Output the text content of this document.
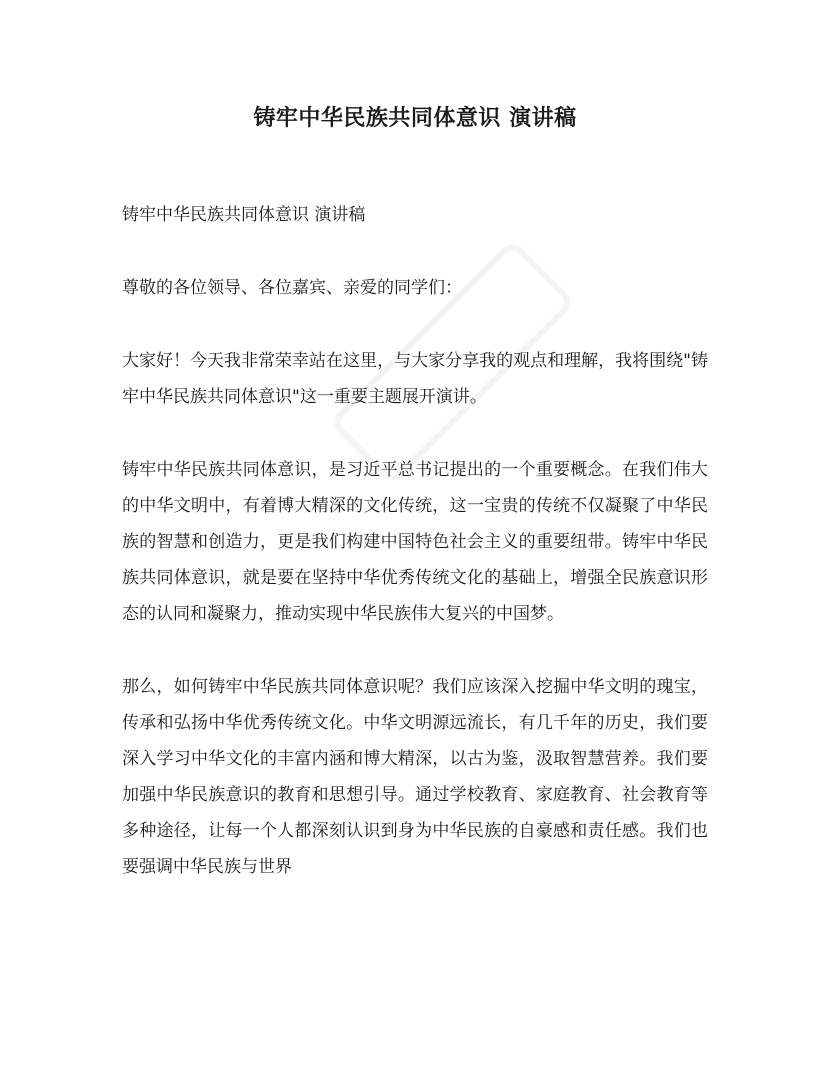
铸牢中华民族共同体意识 演讲稿

铸牢中华民族共同体意识 演讲稿

尊敬的各位领导、各位嘉宾、亲爱的同学们：

大家好！今天我非常荣幸站在这里，与大家分享我的观点和理解，我将围绕"铸牢中华民族共同体意识"这一重要主题展开演讲。

铸牢中华民族共同体意识，是习近平总书记提出的一个重要概念。在我们伟大的中华文明中，有着博大精深的文化传统，这一宝贵的传统不仅凝聚了中华民族的智慧和创造力，更是我们构建中国特色社会主义的重要纽带。铸牢中华民族共同体意识，就是要在坚持中华优秀传统文化的基础上，增强全民族意识形态的认同和凝聚力，推动实现中华民族伟大复兴的中国梦。

那么，如何铸牢中华民族共同体意识呢？我们应该深入挖掘中华文明的瑰宝，传承和弘扬中华优秀传统文化。中华文明源远流长，有几千年的历史，我们要深入学习中华文化的丰富内涵和博大精深，以古为鉴，汲取智慧营养。我们要加强中华民族意识的教育和思想引导。通过学校教育、家庭教育、社会教育等多种途径，让每一个人都深刻认识到身为中华民族的自豪感和责任感。我们也要强调中华民族与世界
